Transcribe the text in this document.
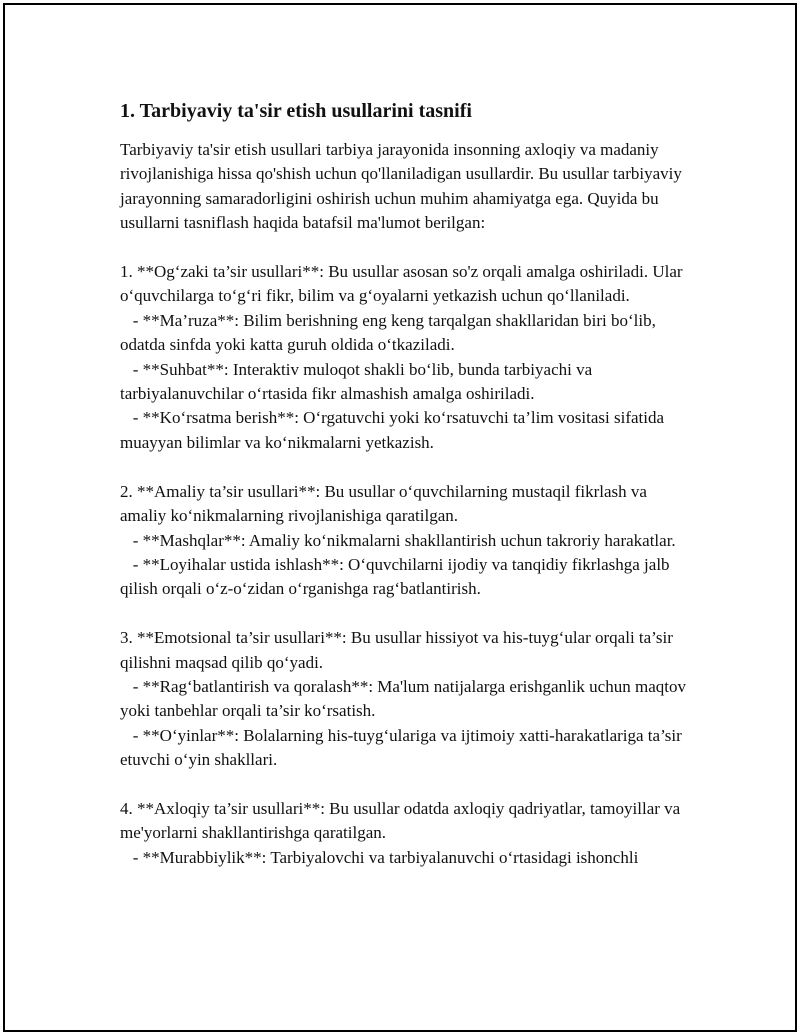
1. Tarbiyaviy ta'sir etish usullarini tasnifi
Tarbiyaviy ta'sir etish usullari tarbiya jarayonida insonning axloqiy va madaniy rivojlanishiga hissa qo'shish uchun qo'llaniladigan usullardir. Bu usullar tarbiyaviy jarayonning samaradorligini oshirish uchun muhim ahamiyatga ega. Quyida bu usullarni tasniflash haqida batafsil ma'lumot berilgan:

1. **Og‘zaki ta’sir usullari**: Bu usullar asosan so'z orqali amalga oshiriladi. Ular o‘quvchilarga to‘g‘ri fikr, bilim va g‘oyalarni yetkazish uchun qo‘llaniladi.
- **Ma’ruza**: Bilim berishning eng keng tarqalgan shakllaridan biri bo‘lib, odatda sinfda yoki katta guruh oldida o‘tkaziladi.
- **Suhbat**: Interaktiv muloqot shakli bo‘lib, bunda tarbiyachi va tarbiyalanuvchilar o‘rtasida fikr almashish amalga oshiriladi.
- **Ko‘rsatma berish**: O‘rgatuvchi yoki ko‘rsatuvchi ta’lim vositasi sifatida muayyan bilimlar va ko‘nikmalarni yetkazish.

2. **Amaliy ta’sir usullari**: Bu usullar o‘quvchilarning mustaqil fikrlash va amaliy ko‘nikmalarning rivojlanishiga qaratilgan.
- **Mashqlar**: Amaliy ko‘nikmalarni shakllantirish uchun takroriy harakatlar.
- **Loyihalar ustida ishlash**: O‘quvchilarni ijodiy va tanqidiy fikrlashga jalb qilish orqali o‘z-o‘zidan o‘rganishga rag‘batlantirish.

3. **Emotsional ta’sir usullari**: Bu usullar hissiyot va his-tuyg‘ular orqali ta’sir qilishni maqsad qilib qo‘yadi.
- **Rag‘batlantirish va qoralash**: Ma'lum natijalarga erishganlik uchun maqtov yoki tanbehlar orqali ta’sir ko‘rsatish.
- **O‘yinlar**: Bolalarning his-tuyg‘ulariga va ijtimoiy xatti-harakatlariga ta’sir etuvchi o‘yin shakllari.

4. **Axloqiy ta’sir usullari**: Bu usullar odatda axloqiy qadriyatlar, tamoyillar va me'yorlarni shakllantirishga qaratilgan.
- **Murabbiylik**: Tarbiyalovchi va tarbiyalanuvchi o‘rtasidagi ishonchli
